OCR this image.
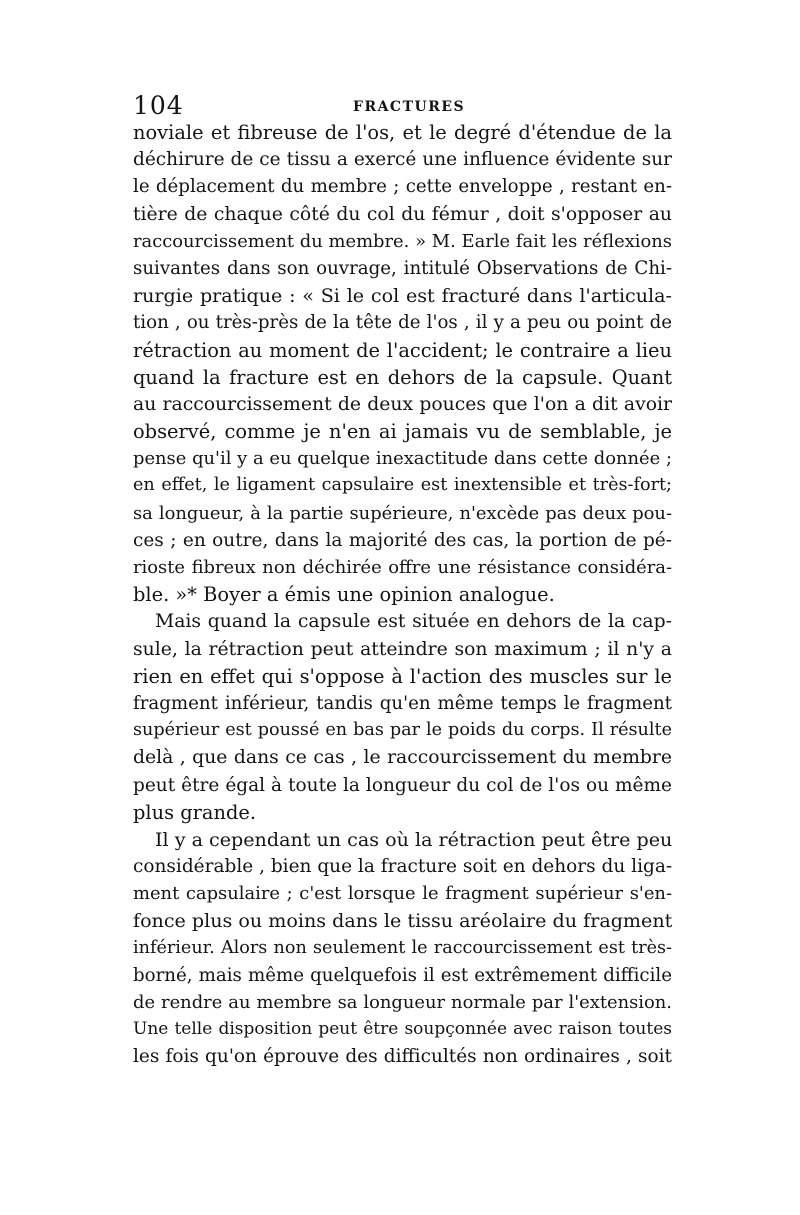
104	FRACTURES
noviale et fibreuse de l'os, et le degré d'étendue de la
déchirure de ce tissu a exercé une influence évidente sur
le déplacement du membre ; cette enveloppe , restant en-
tière de chaque côté du col du fémur , doit s'opposer au
raccourcissement du membre. » M. Earle fait les réflexions
suivantes dans son ouvrage, intitulé Observations de Chi-
rurgie pratique : « Si le col est fracturé dans l'articula-
tion , ou très-près de la tête de l'os , il y a peu ou point de
rétraction au moment de l'accident; le contraire a lieu
quand la fracture est en dehors de la capsule. Quant
au raccourcissement de deux pouces que l'on a dit avoir
observé, comme je n'en ai jamais vu de semblable, je
pense qu'il y a eu quelque inexactitude dans cette donnée ;
en effet, le ligament capsulaire est inextensible et très-fort;
sa longueur, à la partie supérieure, n'excède pas deux pou-
ces ; en outre, dans la majorité des cas, la portion de pé-
rioste fibreux non déchirée offre une résistance considéra-
ble. »* Boyer a émis une opinion analogue.
Mais quand la capsule est située en dehors de la cap-
sule, la rétraction peut atteindre son maximum ; il n'y a
rien en effet qui s'oppose à l'action des muscles sur le
fragment inférieur, tandis qu'en même temps le fragment
supérieur est poussé en bas par le poids du corps. Il résulte
delà , que dans ce cas , le raccourcissement du membre
peut être égal à toute la longueur du col de l'os ou même
plus grande.
Il y a cependant un cas où la rétraction peut être peu
considérable , bien que la fracture soit en dehors du liga-
ment capsulaire ; c'est lorsque le fragment supérieur s'en-
fonce plus ou moins dans le tissu aréolaire du fragment
inférieur. Alors non seulement le raccourcissement est très-
borné, mais même quelquefois il est extrêmement difficile
de rendre au membre sa longueur normale par l'extension.
Une telle disposition peut être soupçonnée avec raison toutes
les fois qu'on éprouve des difficultés non ordinaires , soit
